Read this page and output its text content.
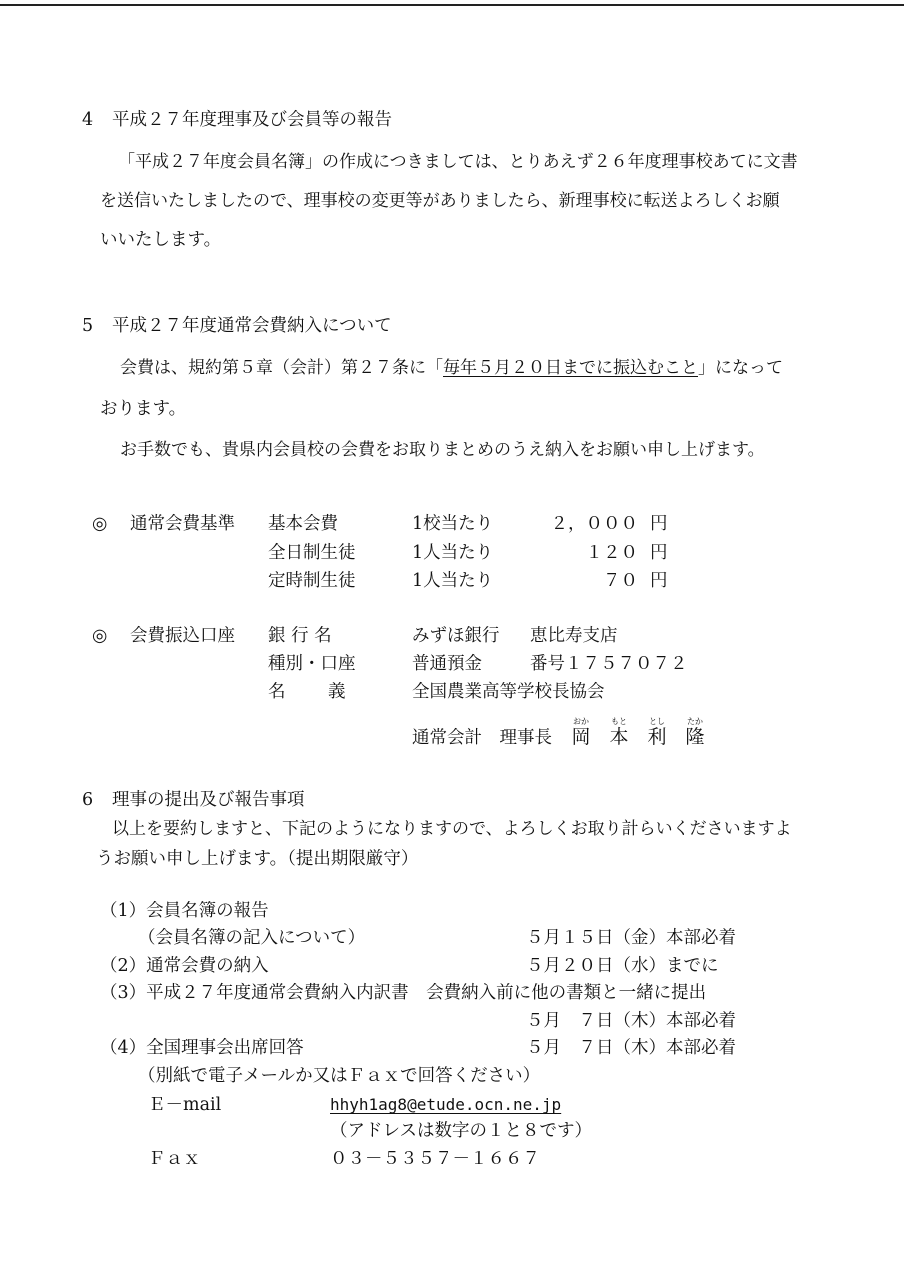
4 平成２７年度理事及び会員等の報告
「平成２７年度会員名簿」の作成につきましては、とりあえず２６年度理事校あてに文書
を送信いたしましたので、理事校の変更等がありましたら、新理事校に転送よろしくお願
いいたします。
5 平成２７年度通常会費納入について
会費は、規約第５章（会計）第２７条に「毎年５月２０日までに振込むこと」になって
おります。
お手数でも、貴県内会員校の会費をお取りまとめのうえ納入をお願い申し上げます。
◎ 通常会費基準 基本会費	1校当たり	２，０００ 円
全日制生徒	1人当たり	１２０ 円
定時制生徒	1人当たり	７０ 円
◎ 会費振込口座 銀 行 名	みずほ銀行 恵比寿支店
種別・口座	普通預金	番号１７５７０７２
名 義	全国農業高等学校長協会
通常会計　理事長
おか
岡
もと
本
とし
利
たか
隆
6 理事の提出及び報告事項
以上を要約しますと、下記のようになりますので、よろしくお取り計らいくださいますよ
うお願い申し上げます。（提出期限厳守）
（1）会員名簿の報告
（会員名簿の記入について）	５月１５日（金）本部必着
（2）通常会費の納入	５月２０日（水）までに
（3）平成２７年度通常会費納入内訳書　会費納入前に他の書類と一緒に提出
５月　７日（木）本部必着
（4）全国理事会出席回答	５月　７日（木）本部必着
（別紙で電子メールか又はＦａｘで回答ください）
Ｅ－mail	hhyh1ag8@etude.ocn.ne.jp
（アドレスは数字の１と８です）
Ｆａｘ	０３－５３５７－１６６７
